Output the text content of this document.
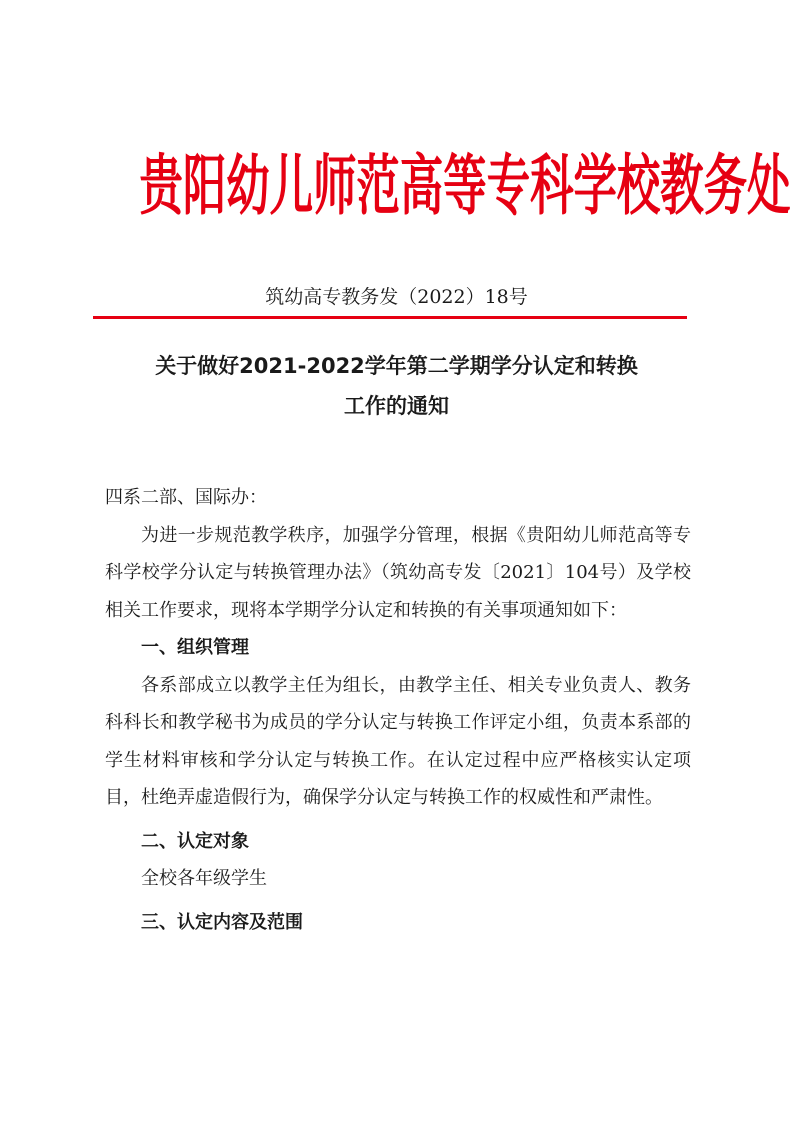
贵阳幼儿师范高等专科学校教务处
筑幼高专教务发（2022）18号
关于做好2021-2022学年第二学期学分认定和转换
工作的通知

四系二部、国际办：

为进一步规范教学秩序，加强学分管理，根据《贵阳幼儿师范高等专科学校学分认定与转换管理办法》（筑幼高专发〔2021〕104号）及学校相关工作要求，现将本学期学分认定和转换的有关事项通知如下：

一、组织管理

各系部成立以教学主任为组长，由教学主任、相关专业负责人、教务科科长和教学秘书为成员的学分认定与转换工作评定小组，负责本系部的学生材料审核和学分认定与转换工作。在认定过程中应严格核实认定项目，杜绝弄虚造假行为，确保学分认定与转换工作的权威性和严肃性。

二、认定对象

全校各年级学生

三、认定内容及范围
